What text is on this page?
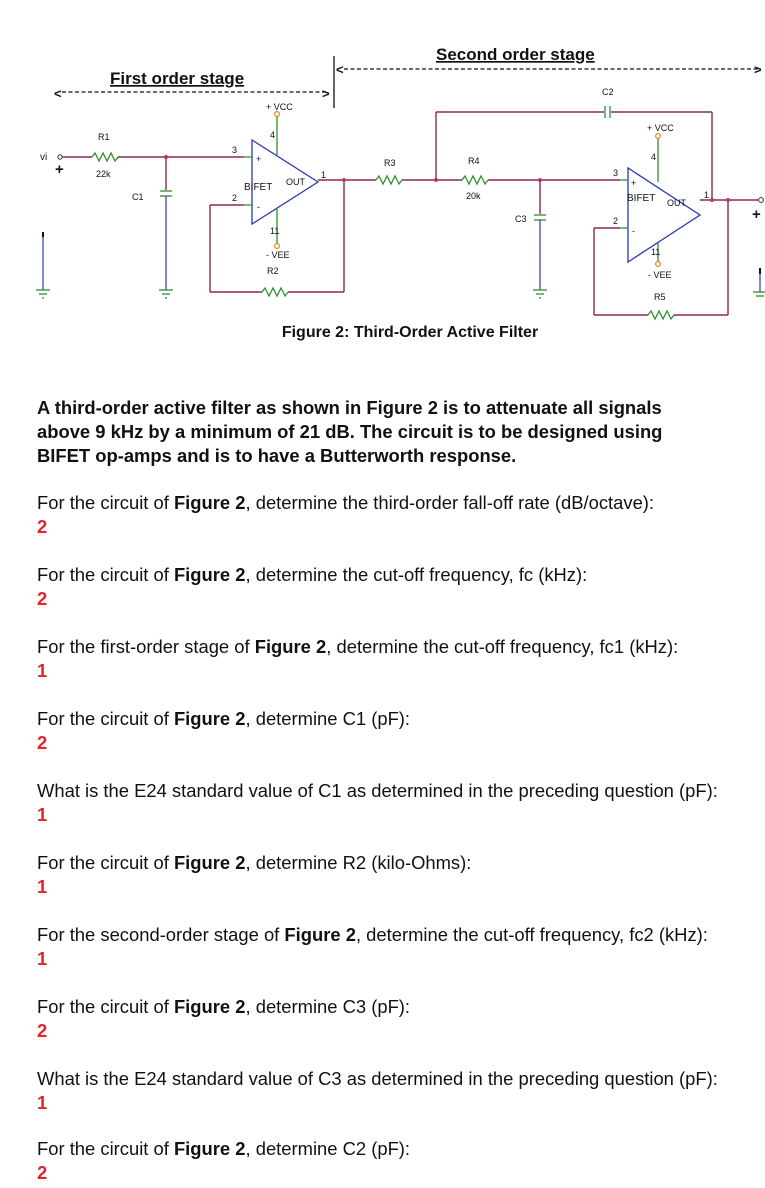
<	>
First order stage	<	>
Second order stage
vi
+
R1
22k
C1
+
-
BIFET OUT
3
2
1
+ VCC
4
- VEE
11
R2
R3	R4
20k
C3
C2
+
-
BIFET OUT
3
2
1
+ VCC
4
- VEE
11
R5
+
Figure 2: Third-Order Active Filter
A third-order active filter as shown in Figure 2 is to attenuate all signals
above 9 kHz by a minimum of 21 dB. The circuit is to be designed using
BIFET op-amps and is to have a Butterworth response.
For the circuit of Figure 2, determine the third-order fall-off rate (dB/octave):
2
For the circuit of Figure 2, determine the cut-off frequency, fc (kHz):
2
For the first-order stage of Figure 2, determine the cut-off frequency, fc1 (kHz):
1
For the circuit of Figure 2, determine C1 (pF):
2
What is the E24 standard value of C1 as determined in the preceding question (pF):
1
For the circuit of Figure 2, determine R2 (kilo-Ohms):
1
For the second-order stage of Figure 2, determine the cut-off frequency, fc2 (kHz):
1
For the circuit of Figure 2, determine C3 (pF):
2
What is the E24 standard value of C3 as determined in the preceding question (pF):
1
For the circuit of Figure 2, determine C2 (pF):
2
